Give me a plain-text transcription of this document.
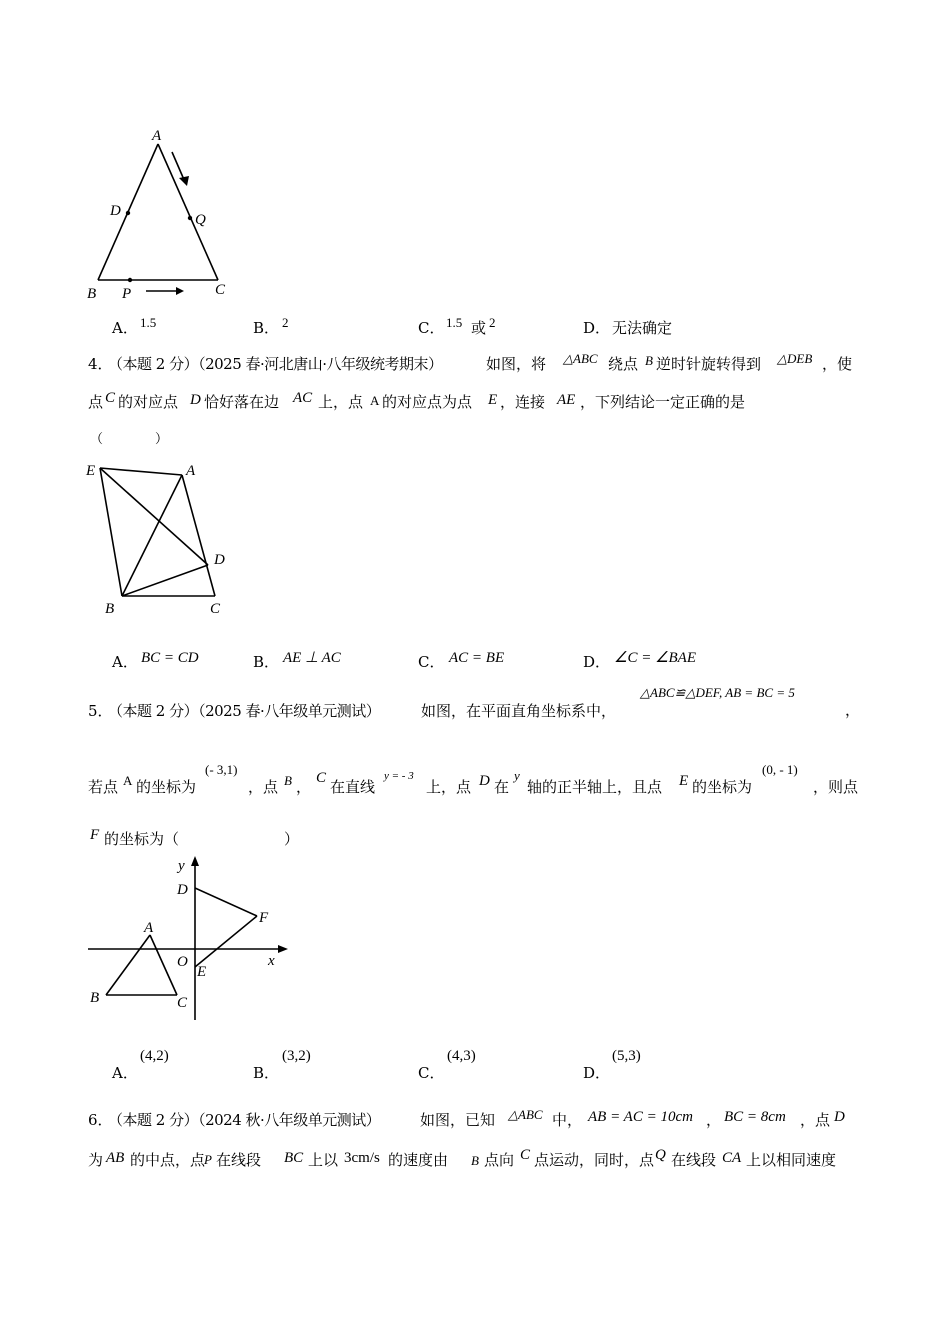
A
D
Q
B P	C
A． 1.5	B． 2	C． 1.5 或 2	D． 无法确定
4．
（本题 2 分）（2025 春·河北唐山·八年级统考期末）	如图，将 △ABC 绕点 B 逆时针旋转得到 △DEB ，使
点 C 的对应点 D 恰好落在边 AC 上，点 A 的对应点为点 E ，连接 AE ，下列结论一定正确的是
（　　　　）
E	A
D
B	C
A． BC = CD	B． AE ⊥ AC	C． AC = BE	D． ∠C = ∠BAE
△ABC≌△DEF, AB = BC = 5
，
5．
（本题 2 分）（2025 春·八年级单元测试）	如图，在平面直角坐标系中，
若点 A 的坐标为
(- 3,1)
，点 B ， C 在直线
y = - 3
上，点 D 在
y
轴的正半轴上，且点 E 的坐标为
(0, - 1)
，则点
F 的坐标为（　　　　　　　）
y
x
O
A
B	C
D
E
F
A．
(4,2)
B．
(3,2)
C．
(4,3)
D．
(5,3)
6．
（本题 2 分）（2024 秋·八年级单元测试）	如图，已知 △ABC 中， AB = AC = 10cm ， BC = 8cm ，点 D
为 AB 的中点，点
P 在线段 BC 上以 3cm/s 的速度由 B 点向 C 点运动，同时，点 Q 在线段 CA 上以相同速度
